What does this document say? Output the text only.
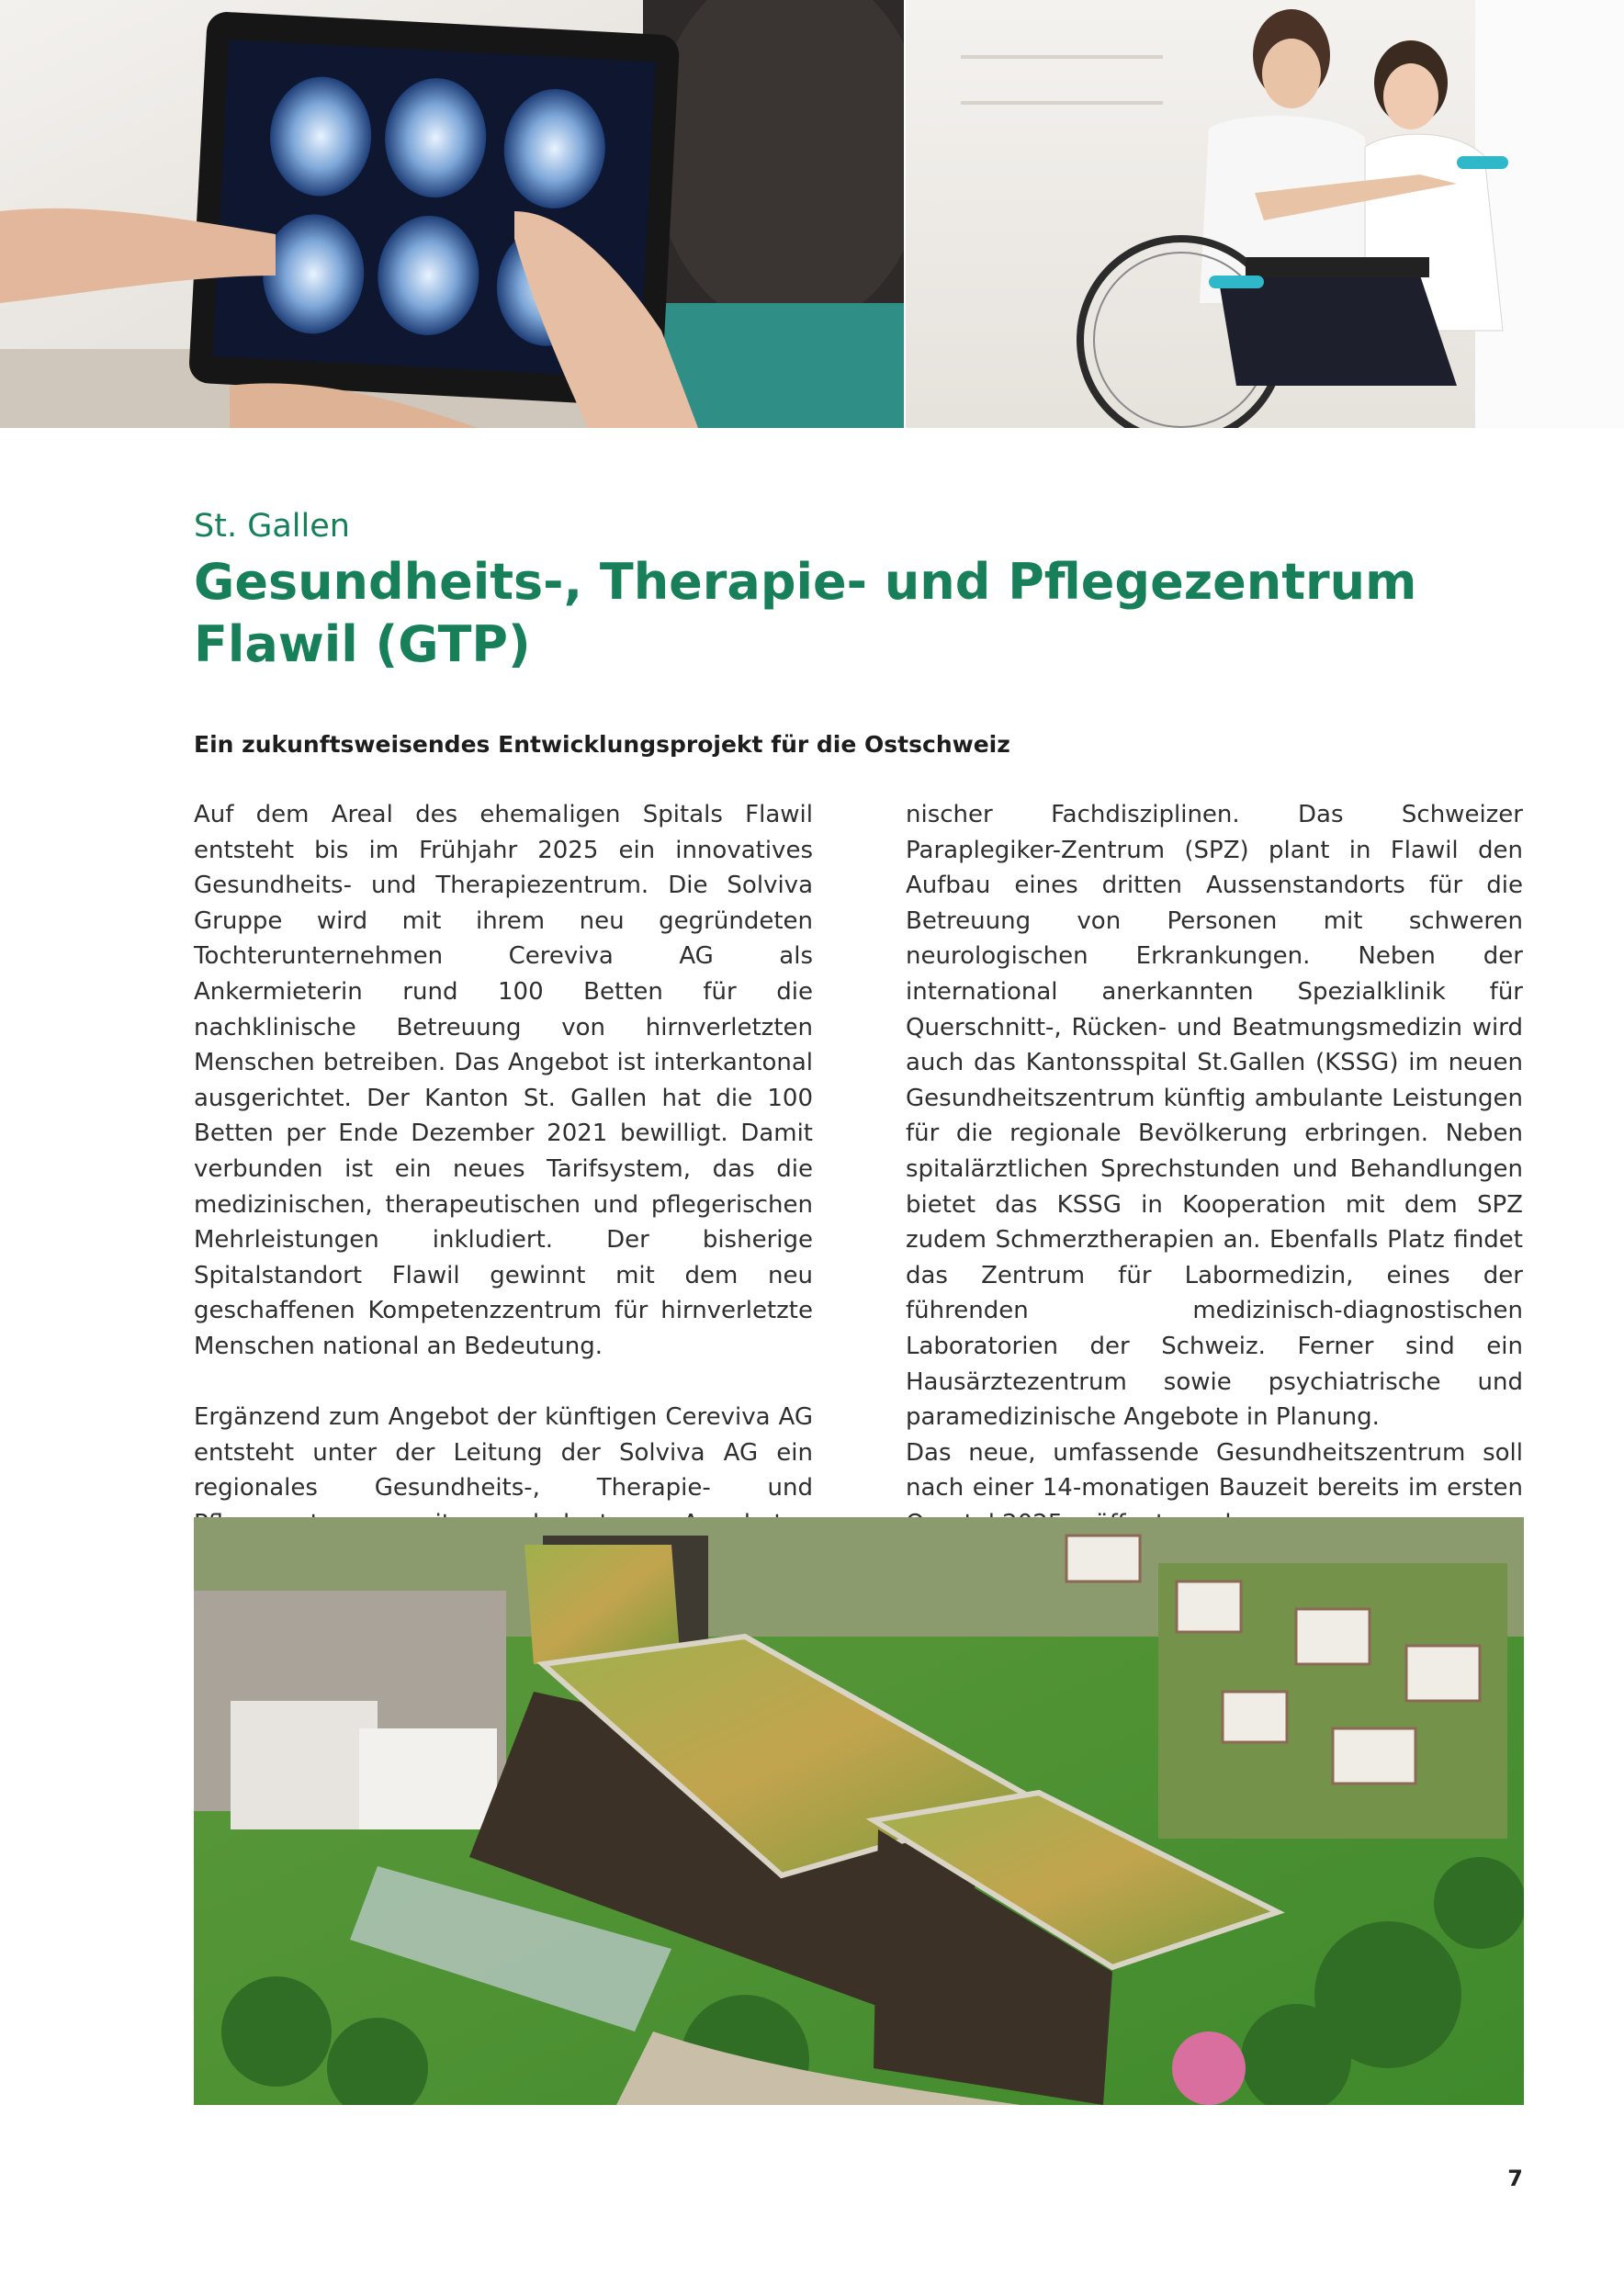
St. Gallen
Gesundheits-, Therapie- und Pflegezentrum Flawil (GTP)
Ein zukunftsweisendes Entwicklungsprojekt für die Ostschweiz

Auf dem Areal des ehemaligen Spitals Flawil entsteht bis im Frühjahr 2025 ein innovatives Gesundheits- und Therapiezentrum. Die Solviva Gruppe wird mit ihrem neu gegründeten Tochterunternehmen Cereviva AG als Ankermieterin rund 100 Betten für die nachklinische Betreuung von hirnverletzten Menschen betreiben. Das Angebot ist interkantonal ausgerichtet. Der Kanton St. Gallen hat die 100 Betten per Ende Dezember 2021 bewilligt. Damit verbunden ist ein neues Tarifsystem, das die medizinischen, therapeutischen und pflegerischen Mehrleistungen inkludiert. Der bisherige Spitalstandort Flawil gewinnt mit dem neu geschaffenen Kompetenzzentrum für hirnverletzte Menschen national an Bedeutung.

Ergänzend zum Angebot der künftigen Cereviva AG entsteht unter der Leitung der Solviva AG ein regionales Gesundheits-, Therapie- und

nischer Fachdisziplinen. Das Schweizer Paraplegiker-Zentrum (SPZ) plant in Flawil den Aufbau eines dritten Aussenstandorts für die Betreuung von Personen mit schweren neurologischen Erkrankungen. Neben der international anerkannten Spezialklinik für Querschnitt-, Rücken- und Beatmungsmedizin wird auch das Kantonsspital St.Gallen (KSSG) im neuen Gesundheitszentrum künftig ambulante Leistungen für die regionale Bevölkerung erbringen. Neben spitalärztlichen Sprechstunden und Behandlungen bietet das KSSG in Kooperation mit dem SPZ zudem Schmerztherapien an. Ebenfalls Platz findet das Zentrum für Labormedizin, eines der führenden medizinisch-diagnostischen Laboratorien der Schweiz. Ferner sind ein Hausärztezentrum sowie psychiatrische und paramedizinische Angebote in Planung.

Das neue, umfassende Gesundheitszentrum soll nach einer 14-monatigen Bauzeit bereits im ersten

7
